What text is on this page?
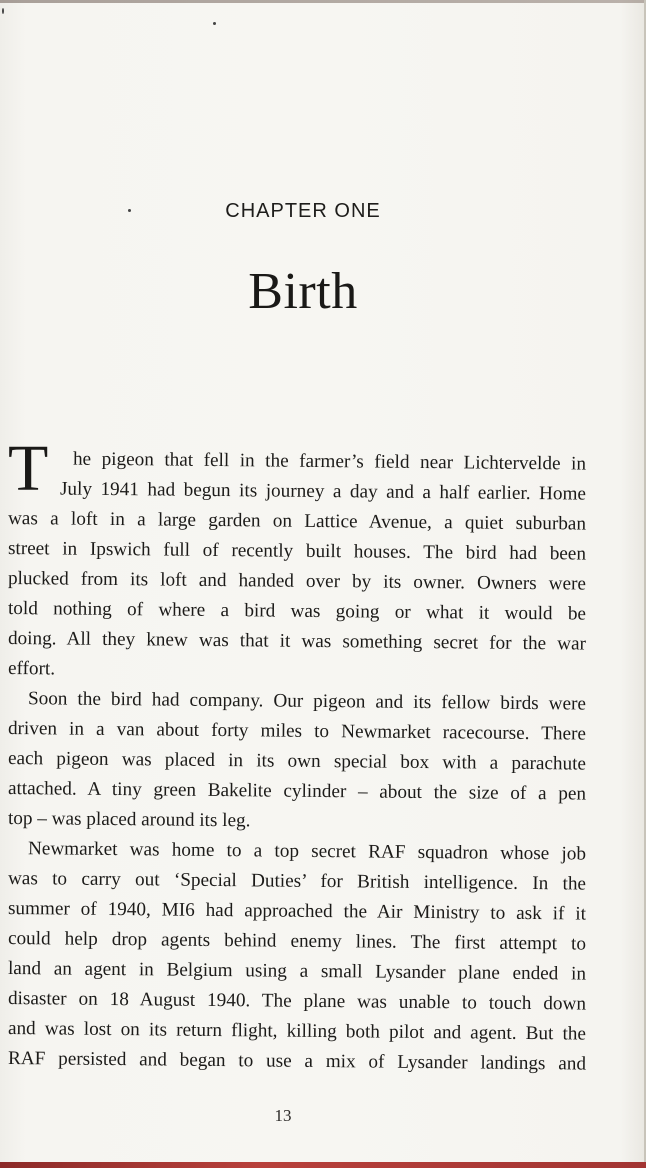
CHAPTER ONE
Birth
T	he pigeon that fell in the farmer’s field near Lichtervelde in
July 1941 had begun its journey a day and a half earlier. Home
was a loft in a large garden on Lattice Avenue, a quiet suburban
street in Ipswich full of recently built houses. The bird had been
plucked from its loft and handed over by its owner. Owners were
told nothing of where a bird was going or what it would be
doing. All they knew was that it was something secret for the war
effort.
Soon the bird had company. Our pigeon and its fellow birds were
driven in a van about forty miles to Newmarket racecourse. There
each pigeon was placed in its own special box with a parachute
attached. A tiny green Bakelite cylinder – about the size of a pen
top – was placed around its leg.
Newmarket was home to a top secret RAF squadron whose job
was to carry out ‘Special Duties’ for British intelligence. In the
summer of 1940, MI6 had approached the Air Ministry to ask if it
could help drop agents behind enemy lines. The first attempt to
land an agent in Belgium using a small Lysander plane ended in
disaster on 18 August 1940. The plane was unable to touch down
and was lost on its return flight, killing both pilot and agent. But the
RAF persisted and began to use a mix of Lysander landings and
13
